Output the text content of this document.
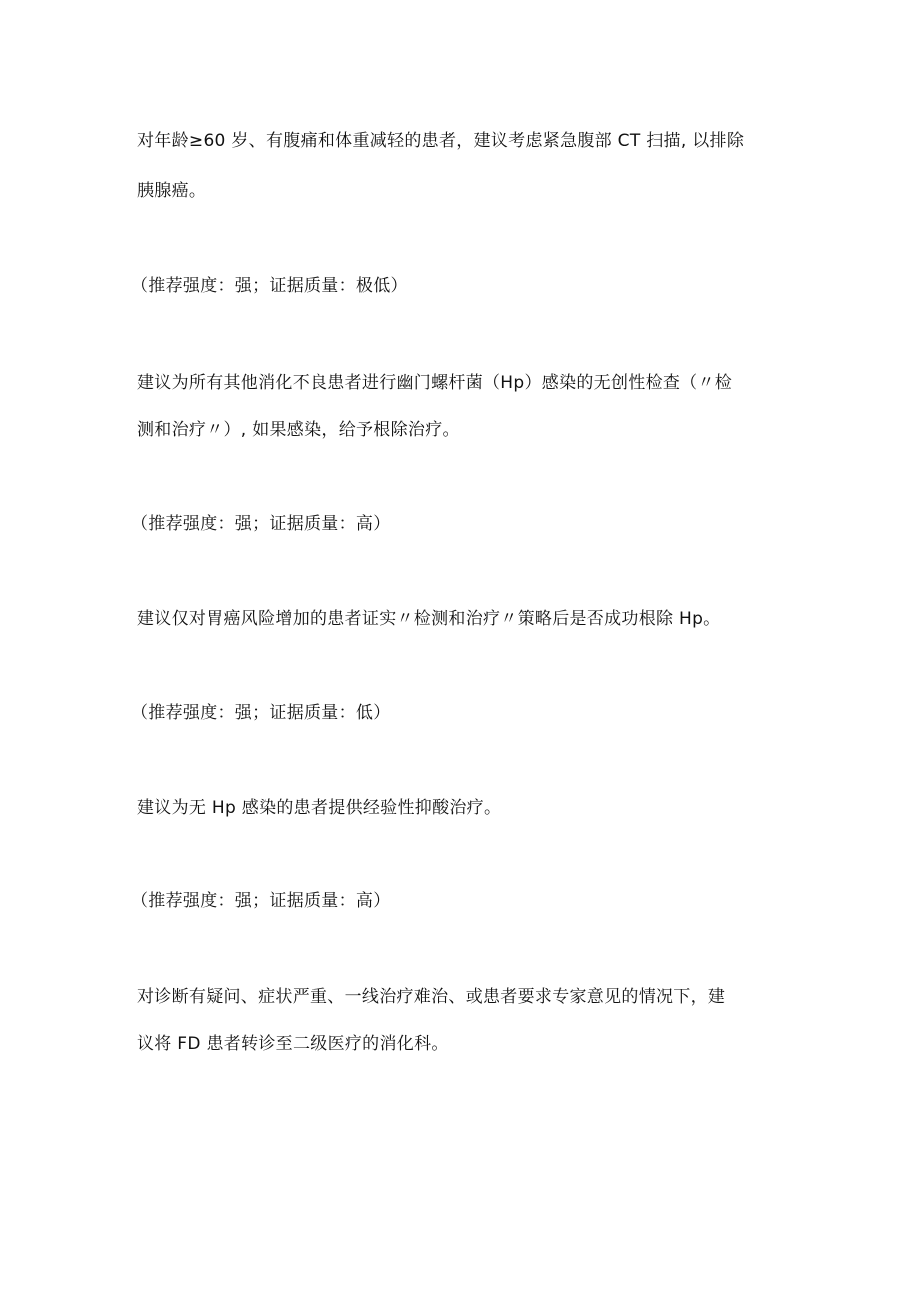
对年龄≥60 岁、有腹痛和体重减轻的患者，建议考虑紧急腹部 CT 扫描, 以排除
胰腺癌。
（推荐强度：强；证据质量：极低）
建议为所有其他消化不良患者进行幽门螺杆菌（Hp）感染的无创性检查（〃检
测和治疗〃）, 如果感染，给予根除治疗。
（推荐强度：强；证据质量：高）
建议仅对胃癌风险增加的患者证实〃检测和治疗〃策略后是否成功根除 Hp。
（推荐强度：强；证据质量：低）
建议为无 Hp 感染的患者提供经验性抑酸治疗。
（推荐强度：强；证据质量：高）
对诊断有疑问、症状严重、一线治疗难治、或患者要求专家意见的情况下，建
议将 FD 患者转诊至二级医疗的消化科。
